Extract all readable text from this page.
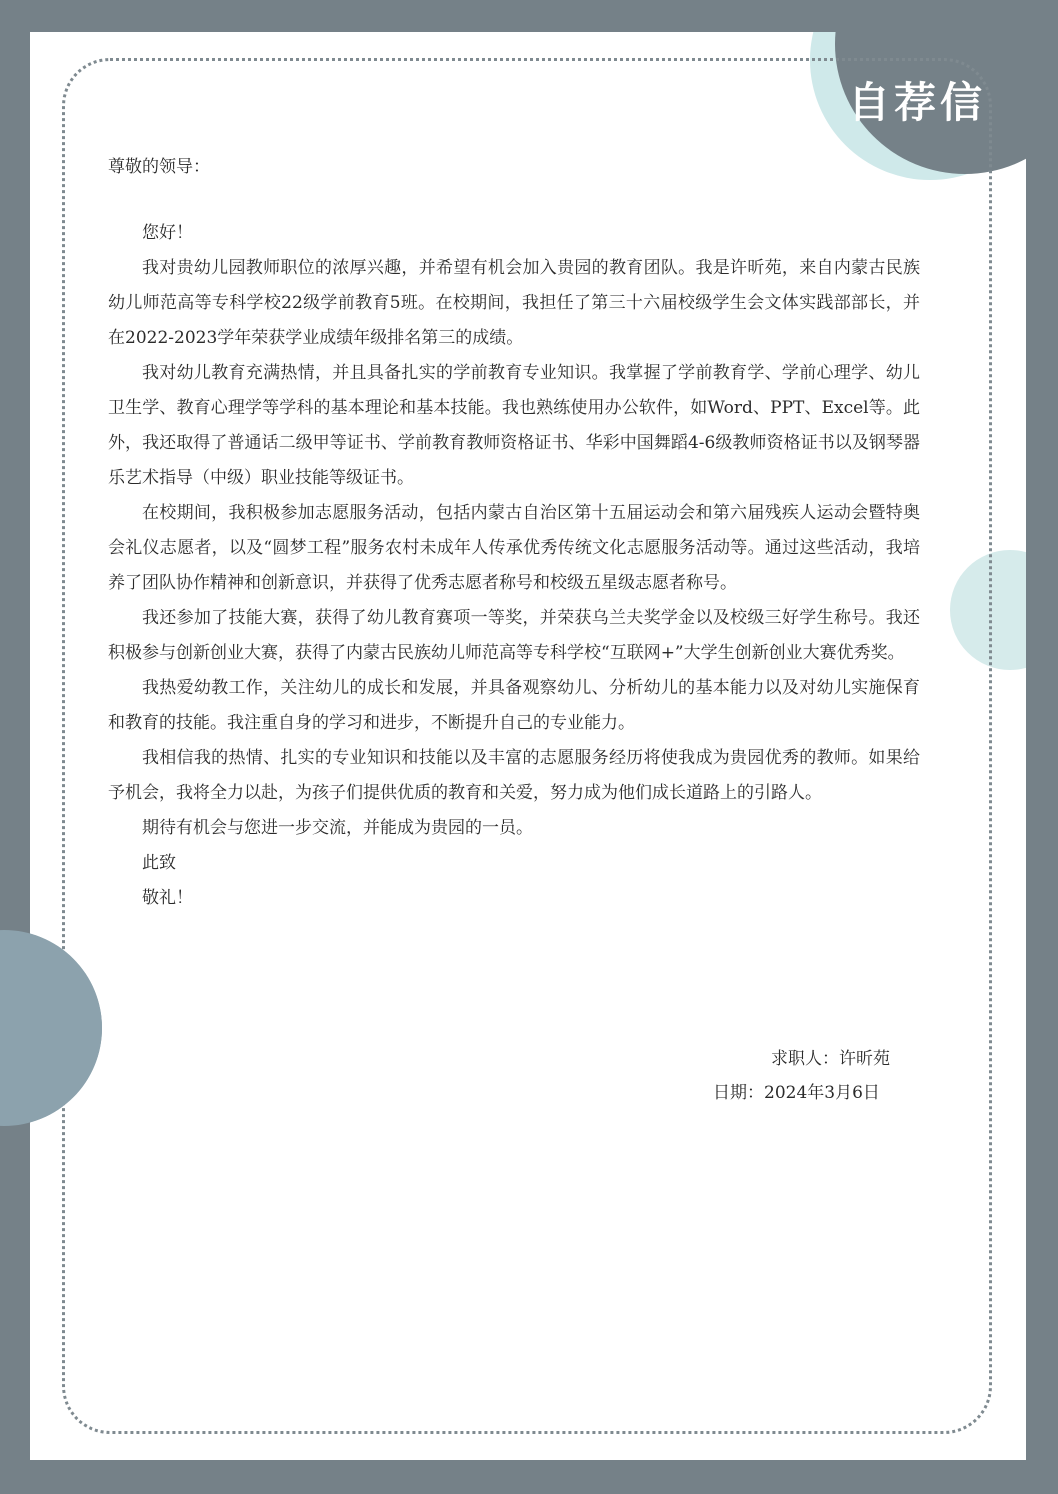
自荐信
尊敬的领导：

您好！

我对贵幼儿园教师职位的浓厚兴趣，并希望有机会加入贵园的教育团队。我是许昕苑，来自内蒙古民族幼儿师范高等专科学校22级学前教育5班。在校期间，我担任了第三十六届校级学生会文体实践部部长，并在2022-2023学年荣获学业成绩年级排名第三的成绩。

我对幼儿教育充满热情，并且具备扎实的学前教育专业知识。我掌握了学前教育学、学前心理学、幼儿卫生学、教育心理学等学科的基本理论和基本技能。我也熟练使用办公软件，如Word、PPT、Excel等。此外，我还取得了普通话二级甲等证书、学前教育教师资格证书、华彩中国舞蹈4-6级教师资格证书以及钢琴器乐艺术指导（中级）职业技能等级证书。

在校期间，我积极参加志愿服务活动，包括内蒙古自治区第十五届运动会和第六届残疾人运动会暨特奥会礼仪志愿者，以及“圆梦工程”服务农村未成年人传承优秀传统文化志愿服务活动等。通过这些活动，我培养了团队协作精神和创新意识，并获得了优秀志愿者称号和校级五星级志愿者称号。

我还参加了技能大赛，获得了幼儿教育赛项一等奖，并荣获乌兰夫奖学金以及校级三好学生称号。我还积极参与创新创业大赛，获得了内蒙古民族幼儿师范高等专科学校“互联网+”大学生创新创业大赛优秀奖。

我热爱幼教工作，关注幼儿的成长和发展，并具备观察幼儿、分析幼儿的基本能力以及对幼儿实施保育和教育的技能。我注重自身的学习和进步，不断提升自己的专业能力。

我相信我的热情、扎实的专业知识和技能以及丰富的志愿服务经历将使我成为贵园优秀的教师。如果给予机会，我将全力以赴，为孩子们提供优质的教育和关爱，努力成为他们成长道路上的引路人。

期待有机会与您进一步交流，并能成为贵园的一员。

此致

敬礼！

求职人：许昕苑
日期：2024年3月6日
